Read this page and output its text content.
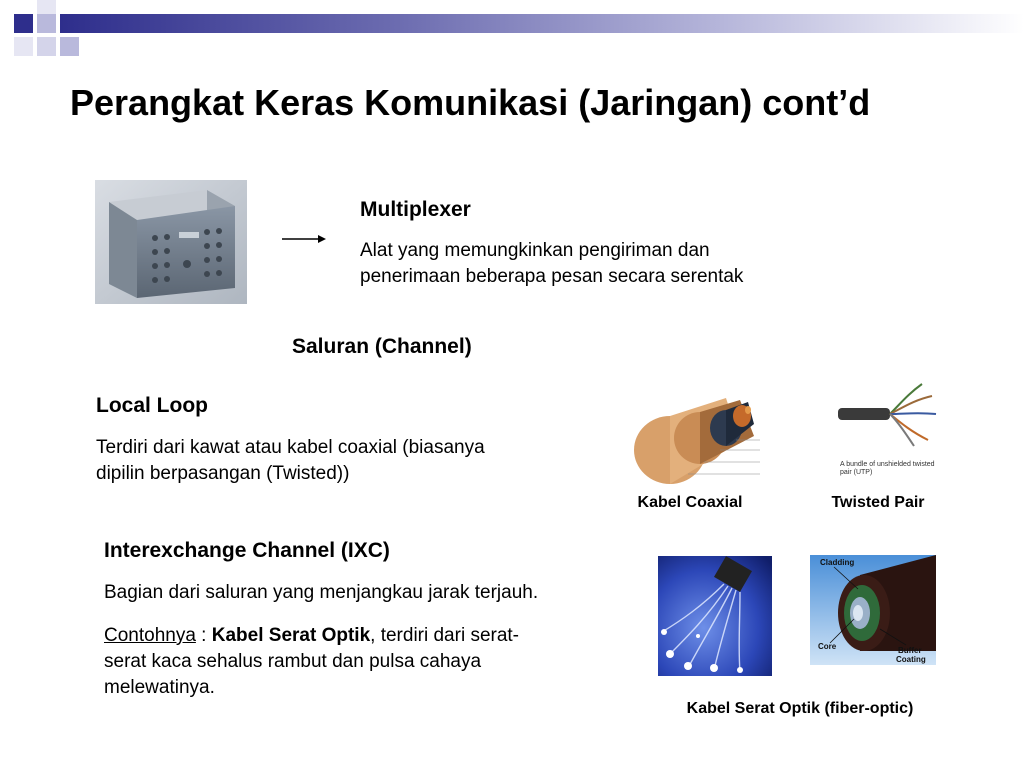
Perangkat Keras Komunikasi (Jaringan) cont’d
Multiplexer
Alat yang memungkinkan pengiriman dan
penerimaan beberapa pesan secara serentak
Saluran (Channel)
Local Loop
Terdiri dari kawat atau kabel coaxial (biasanya
dipilin berpasangan (Twisted))	A bundle of unshielded twisted
pair (UTP)
Kabel Coaxial	Twisted Pair
Interexchange Channel (IXC)
Bagian dari saluran yang menjangkau jarak terjauh.
Contohnya : Kabel Serat Optik, terdiri dari serat-
serat kaca sehalus rambut dan pulsa cahaya
melewatinya.
Cladding
Core	Buffer
Coating
Kabel Serat Optik (fiber-optic)
